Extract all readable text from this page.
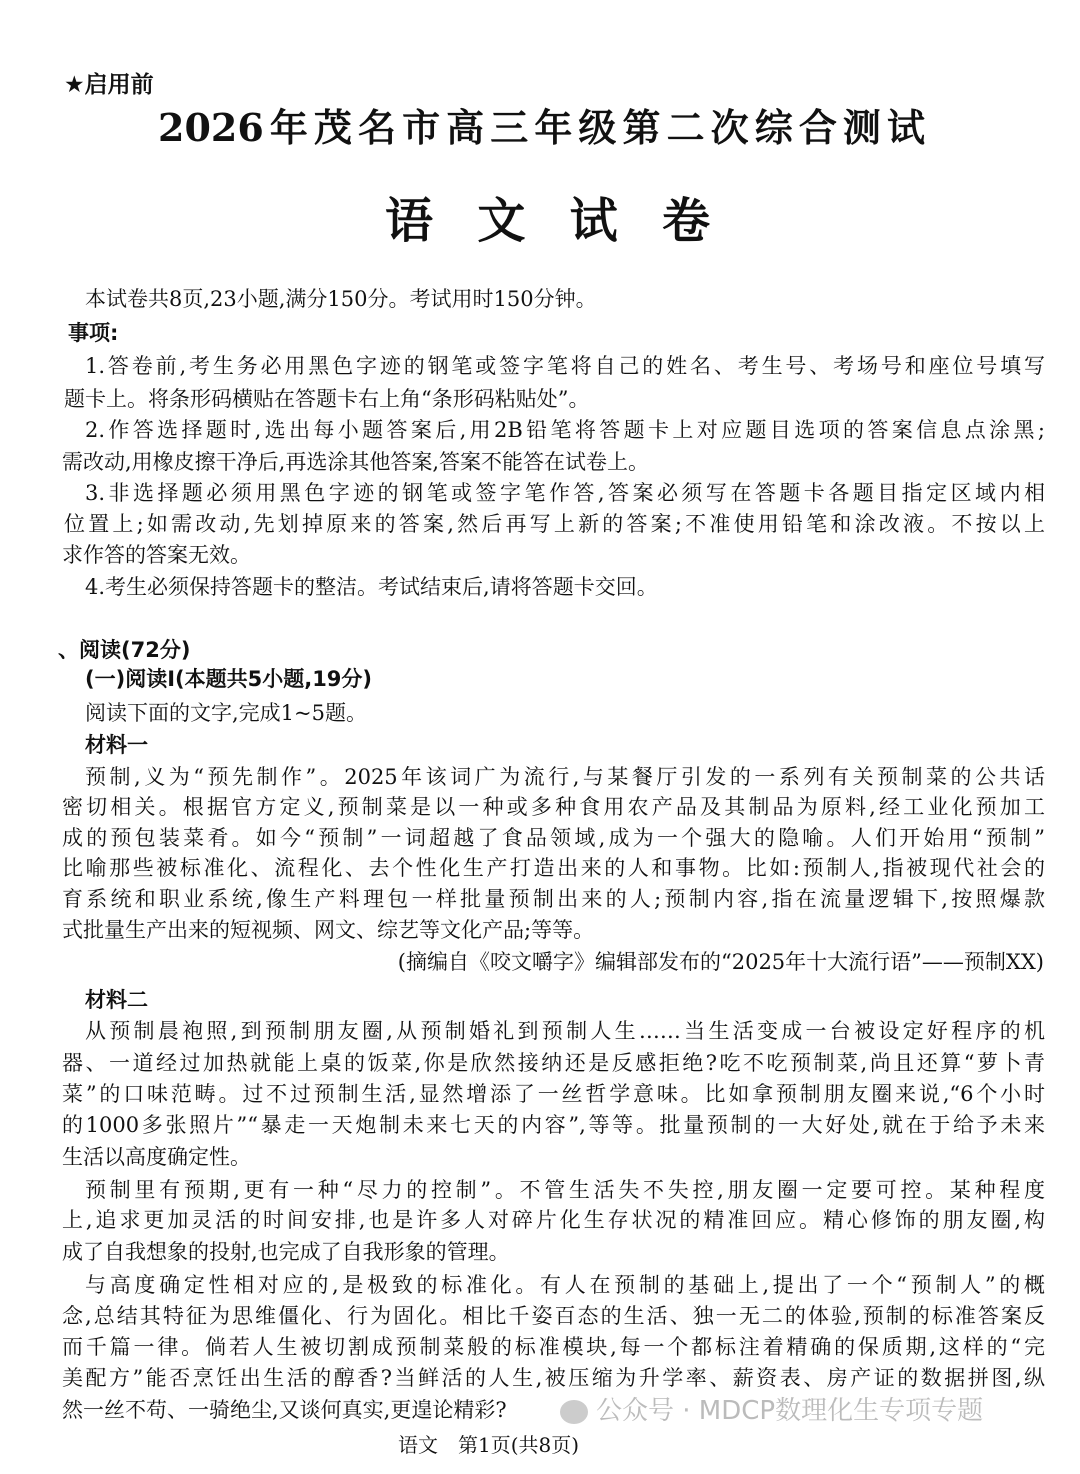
★启用前
2026年茂名市高三年级第二次综合测试
语文试卷
本试卷共8页,23小题,满分150分。考试用时150分钟。
事项:
1.答卷前,考生务必用黑色字迹的钢笔或签字笔将自己的姓名、考生号、考场号和座位号填写
题卡上。将条形码横贴在答题卡右上角“条形码粘贴处”。
2.作答选择题时,选出每小题答案后,用2B铅笔将答题卡上对应题目选项的答案信息点涂黑;
需改动,用橡皮擦干净后,再选涂其他答案,答案不能答在试卷上。
3.非选择题必须用黑色字迹的钢笔或签字笔作答,答案必须写在答题卡各题目指定区域内相
位置上;如需改动,先划掉原来的答案,然后再写上新的答案;不准使用铅笔和涂改液。不按以上
求作答的答案无效。
4.考生必须保持答题卡的整洁。考试结束后,请将答题卡交回。
、阅读(72分)
(一)阅读Ⅰ(本题共5小题,19分)
阅读下面的文字,完成1~5题。
材料一
预制,义为“预先制作”。2025年该词广为流行,与某餐厅引发的一系列有关预制菜的公共话
密切相关。根据官方定义,预制菜是以一种或多种食用农产品及其制品为原料,经工业化预加工
成的预包装菜肴。如今“预制”一词超越了食品领域,成为一个强大的隐喻。人们开始用“预制”
比喻那些被标准化、流程化、去个性化生产打造出来的人和事物。比如:预制人,指被现代社会的
育系统和职业系统,像生产料理包一样批量预制出来的人;预制内容,指在流量逻辑下,按照爆款
式批量生产出来的短视频、网文、综艺等文化产品;等等。
(摘编自《咬文嚼字》编辑部发布的“2025年十大流行语”——预制XX)
材料二
从预制晨袍照,到预制朋友圈,从预制婚礼到预制人生……当生活变成一台被设定好程序的机
器、一道经过加热就能上桌的饭菜,你是欣然接纳还是反感拒绝?吃不吃预制菜,尚且还算“萝卜青
菜”的口味范畴。过不过预制生活,显然增添了一丝哲学意味。比如拿预制朋友圈来说,“6个小时
的1000多张照片”“暴走一天炮制未来七天的内容”,等等。批量预制的一大好处,就在于给予未来
生活以高度确定性。
预制里有预期,更有一种“尽力的控制”。不管生活失不失控,朋友圈一定要可控。某种程度
上,追求更加灵活的时间安排,也是许多人对碎片化生存状况的精准回应。精心修饰的朋友圈,构
成了自我想象的投射,也完成了自我形象的管理。
与高度确定性相对应的,是极致的标准化。有人在预制的基础上,提出了一个“预制人”的概
念,总结其特征为思维僵化、行为固化。相比千姿百态的生活、独一无二的体验,预制的标准答案反
而千篇一律。倘若人生被切割成预制菜般的标准模块,每一个都标注着精确的保质期,这样的“完
美配方”能否烹饪出生活的醇香?当鲜活的人生,被压缩为升学率、薪资表、房产证的数据拼图,纵
然一丝不苟、一骑绝尘,又谈何真实,更遑论精彩?	公众号 · MDCP数理化生专项专题
语文　第1页(共8页)
